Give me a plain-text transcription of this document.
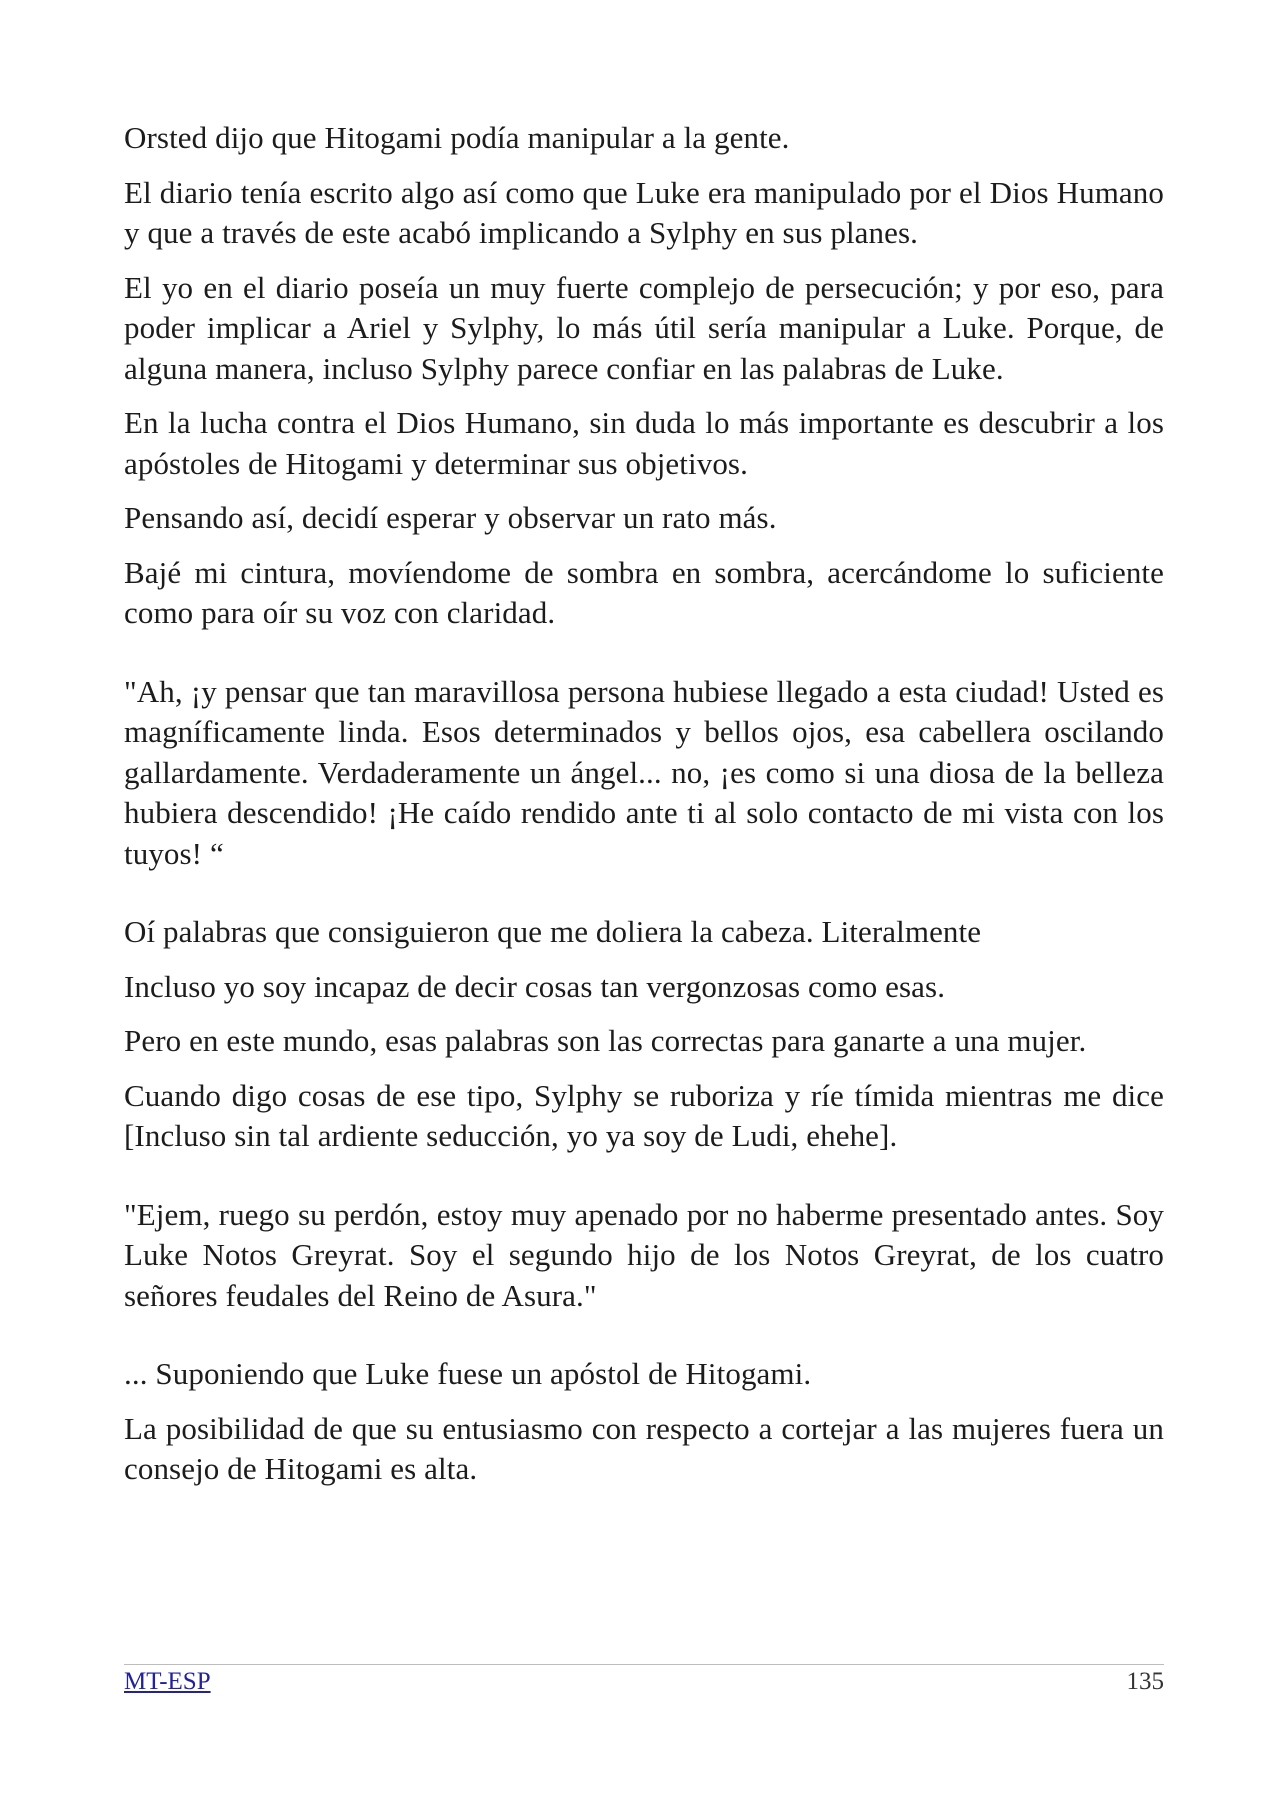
Orsted dijo que Hitogami podía manipular a la gente.

El diario tenía escrito algo así como que Luke era manipulado por el Dios Humano y que a través de este acabó implicando a Sylphy en sus planes.

El yo en el diario poseía un muy fuerte complejo de persecución; y por eso, para poder implicar a Ariel y Sylphy, lo más útil sería manipular a Luke. Porque, de alguna manera, incluso Sylphy parece confiar en las palabras de Luke.

En la lucha contra el Dios Humano, sin duda lo más importante es descubrir a los apóstoles de Hitogami y determinar sus objetivos.

Pensando así, decidí esperar y observar un rato más.

Bajé mi cintura, movíendome de sombra en sombra, acercándome lo suficiente como para oír su voz con claridad.

"Ah, ¡y pensar que tan maravillosa persona hubiese llegado a esta ciudad! Usted es magníficamente linda. Esos determinados y bellos ojos, esa cabellera oscilando gallardamente. Verdaderamente un ángel... no, ¡es como si una diosa de la belleza hubiera descendido! ¡He caído rendido ante ti al solo contacto de mi vista con los tuyos! “

Oí palabras que consiguieron que me doliera la cabeza. Literalmente

Incluso yo soy incapaz de decir cosas tan vergonzosas como esas.

Pero en este mundo, esas palabras son las correctas para ganarte a una mujer.

Cuando digo cosas de ese tipo, Sylphy se ruboriza y ríe tímida mientras me dice [Incluso sin tal ardiente seducción, yo ya soy de Ludi, ehehe].

"Ejem, ruego su perdón, estoy muy apenado por no haberme presentado antes. Soy Luke Notos Greyrat. Soy el segundo hijo de los Notos Greyrat, de los cuatro señores feudales del Reino de Asura."

... Suponiendo que Luke fuese un apóstol de Hitogami.

La posibilidad de que su entusiasmo con respecto a cortejar a las mujeres fuera un consejo de Hitogami es alta.

MT-ESP	135
